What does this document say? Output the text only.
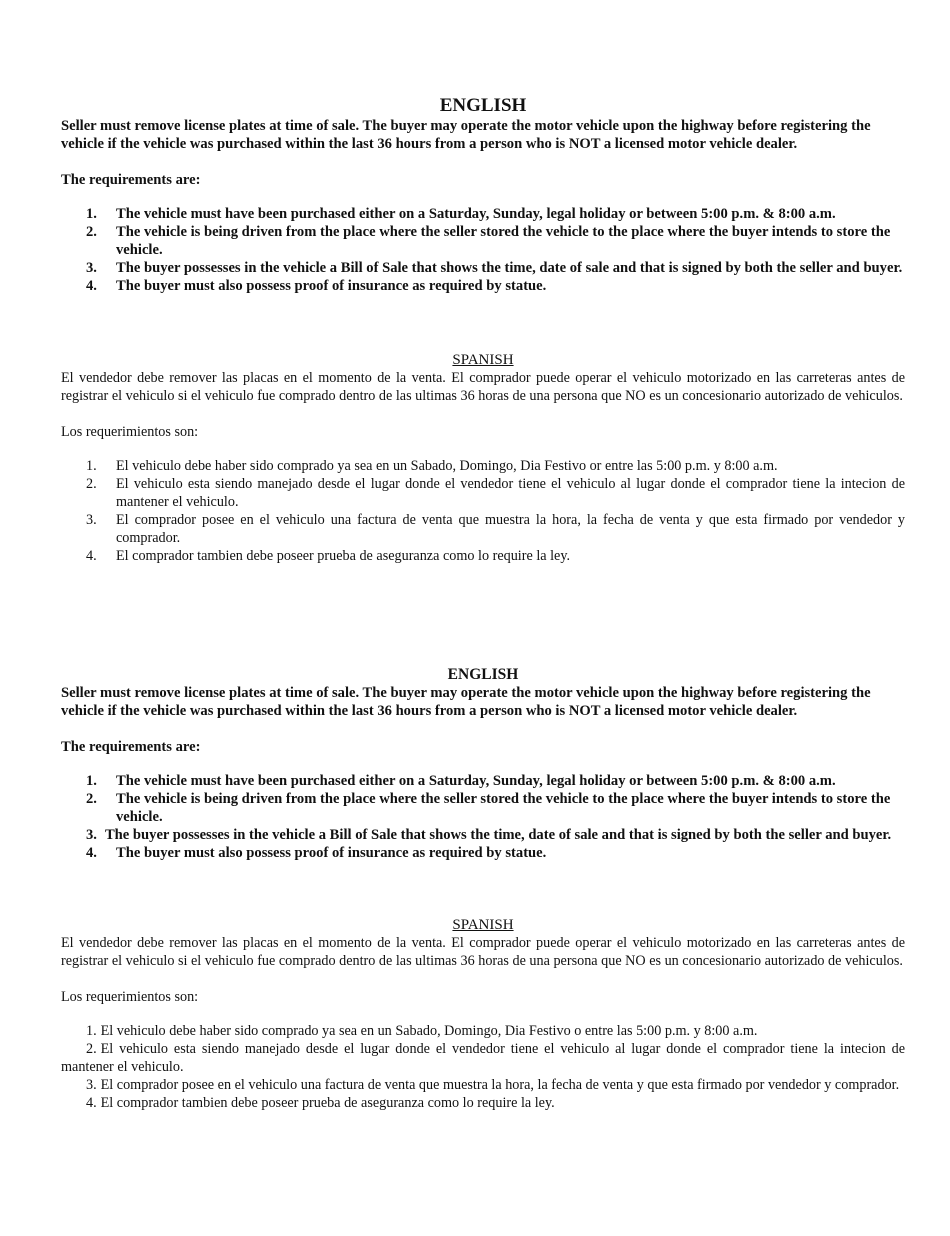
ENGLISH

Seller must remove license plates at time of sale. The buyer may operate the motor vehicle upon the highway before registering the vehicle if the vehicle was purchased within the last 36 hours from a person who is NOT a licensed motor vehicle dealer.

The requirements are:

1.	The vehicle must have been purchased either on a Saturday, Sunday, legal holiday or between 5:00 p.m. & 8:00 a.m.
2.	The vehicle is being driven from the place where the seller stored the vehicle to the place where the buyer intends to store the vehicle.
3.	The buyer possesses in the vehicle a Bill of Sale that shows the time, date of sale and that is signed by both the seller and buyer.
4.	The buyer must also possess proof of insurance as required by statue.
SPANISH

El vendedor debe remover las placas en el momento de la venta. El comprador puede operar el vehiculo motorizado en las carreteras antes de registrar el vehiculo si el vehiculo fue comprado dentro de las ultimas 36 horas de una persona que NO es un concesionario autorizado de vehiculos.

Los requerimientos son:

1.	El vehiculo debe haber sido comprado ya sea en un Sabado, Domingo, Dia Festivo or entre las 5:00 p.m. y 8:00 a.m.
2.	El vehiculo esta siendo manejado desde el lugar donde el vendedor tiene el vehiculo al lugar donde el comprador tiene la intecion de mantener el vehiculo.
3.	El comprador posee en el vehiculo una factura de venta que muestra la hora, la fecha de venta y que esta firmado por vendedor y comprador.
4.	El comprador tambien debe poseer prueba de aseguranza como lo require la ley.
ENGLISH

Seller must remove license plates at time of sale. The buyer may operate the motor vehicle upon the highway before registering the vehicle if the vehicle was purchased within the last 36 hours from a person who is NOT a licensed motor vehicle dealer.

The requirements are:

1.	The vehicle must have been purchased either on a Saturday, Sunday, legal holiday or between 5:00 p.m. & 8:00 a.m.
2.	The vehicle is being driven from the place where the seller stored the vehicle to the place where the buyer intends to store the vehicle.
3. The buyer possesses in the vehicle a Bill of Sale that shows the time, date of sale and that is signed by both the seller and buyer.
4.	The buyer must also possess proof of insurance as required by statue.
SPANISH

El vendedor debe remover las placas en el momento de la venta. El comprador puede operar el vehiculo motorizado en las carreteras antes de registrar el vehiculo si el vehiculo fue comprado dentro de las ultimas 36 horas de una persona que NO es un concesionario autorizado de vehiculos.

Los requerimientos son:

1. El vehiculo debe haber sido comprado ya sea en un Sabado, Domingo, Dia Festivo o entre las 5:00 p.m. y 8:00 a.m.
2. El vehiculo esta siendo manejado desde el lugar donde el vendedor tiene el vehiculo al lugar donde el comprador tiene la intecion de mantener el vehiculo.
3. El comprador posee en el vehiculo una factura de venta que muestra la hora, la fecha de venta y que esta firmado por vendedor y comprador.
4. El comprador tambien debe poseer prueba de aseguranza como lo require la ley.
